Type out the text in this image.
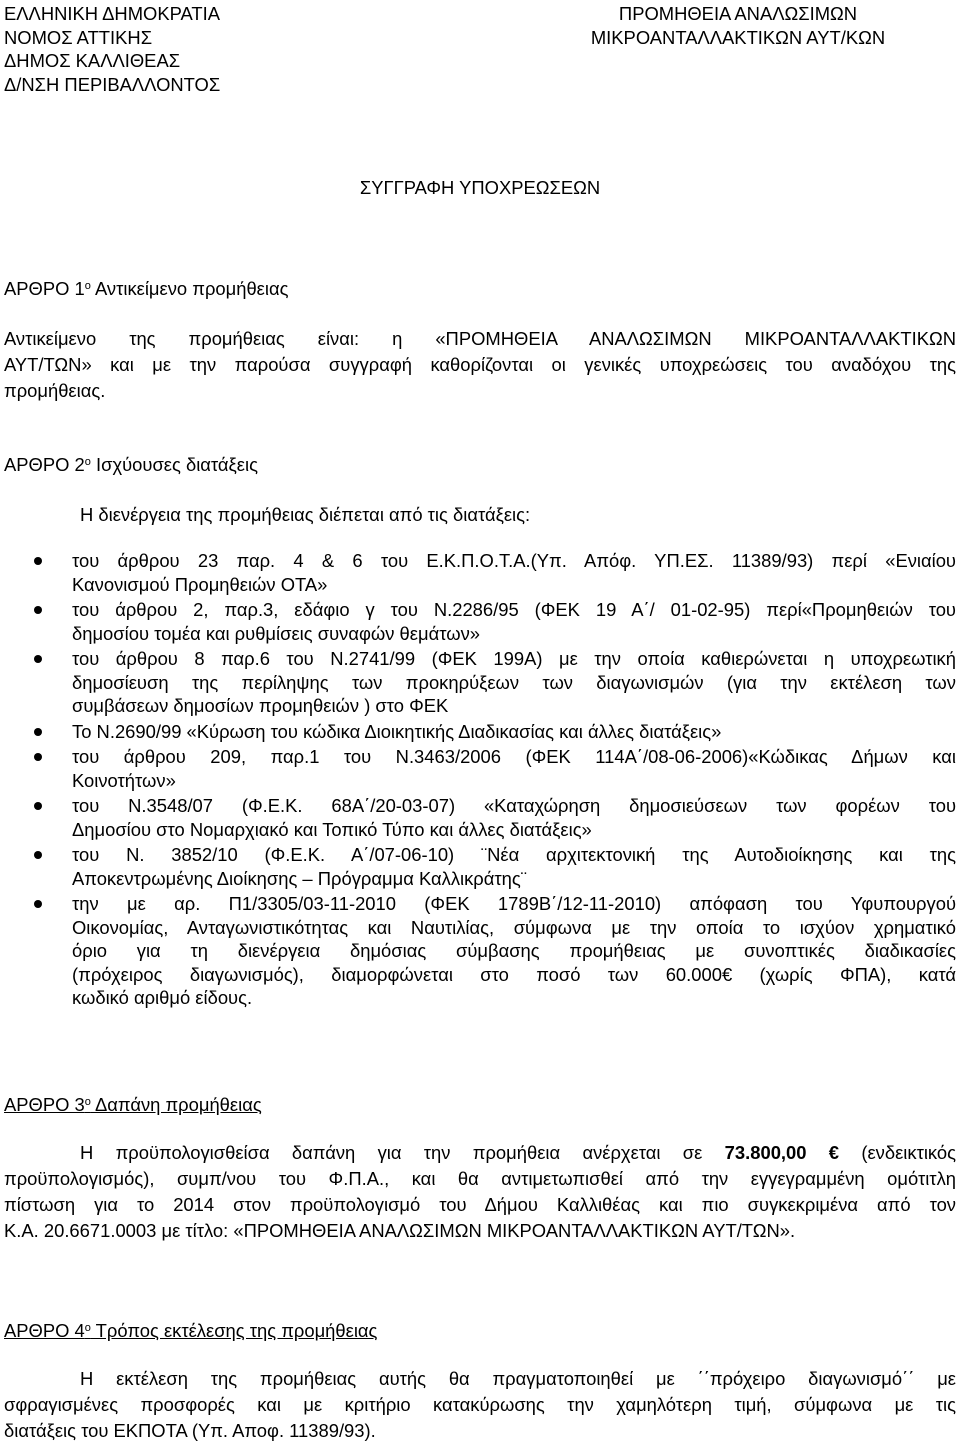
ΕΛΛΗΝΙΚΗ ΔΗΜΟΚΡΑΤΙΑ
ΝΟΜΟΣ ΑΤΤΙΚΗΣ
ΔΗΜΟΣ ΚΑΛΛΙΘΕΑΣ
Δ/ΝΣΗ ΠΕΡΙΒΑΛΛΟΝΤΟΣ
ΠΡΟΜΗΘΕΙΑ ΑΝΑΛΩΣΙΜΩΝ
ΜΙΚΡΟΑΝΤΑΛΛΑΚΤΙΚΩΝ ΑΥΤ/ΚΩΝ
ΣΥΓΓΡΑΦΗ ΥΠΟΧΡΕΩΣΕΩΝ
ΑΡΘΡΟ $1^o$ Αντικείμενο προμήθειας
Αντικείμενο της προμήθειας είναι: η «ΠΡΟΜΗΘΕΙΑ ΑΝΑΛΩΣΙΜΩΝ ΜΙΚΡΟΑΝΤΑΛΛΑΚΤΙΚΩΝ
ΑΥΤ/ΤΩΝ» και με την παρούσα συγγραφή καθορίζονται οι γενικές υποχρεώσεις του αναδόχου της
προμήθειας.
ΑΡΘΡΟ $2^o$ Ισχύουσες διατάξεις
Η διενέργεια της προμήθειας διέπεται από τις διατάξεις:
του άρθρου 23 παρ. 4 & 6 του Ε.Κ.Π.Ο.Τ.Α.(Υπ. Απόφ. ΥΠ.ΕΣ. 11389/93) περί «Ενιαίου
Κανονισμού Προμηθειών ΟΤΑ»
του άρθρου 2, παρ.3, εδάφιο γ του Ν.2286/95 (ΦΕΚ 19 Α΄/ 01-02-95) περί«Προμηθειών του
δημοσίου τομέα και ρυθμίσεις συναφών θεμάτων»
του άρθρου 8 παρ.6 του Ν.2741/99 (ΦΕΚ 199Α) με την οποία καθιερώνεται η υποχρεωτική
δημοσίευση της περίληψης των προκηρύξεων των διαγωνισμών (για την εκτέλεση των
συμβάσεων δημοσίων προμηθειών ) στο ΦΕΚ
Το Ν.2690/99 «Κύρωση του κώδικα Διοικητικής Διαδικασίας και άλλες διατάξεις»
του άρθρου 209, παρ.1 του Ν.3463/2006 (ΦΕΚ 114Α΄/08-06-2006)«Κώδικας Δήμων και
Κοινοτήτων»
του Ν.3548/07 (Φ.Ε.Κ. 68Α΄/20-03-07) «Καταχώρηση δημοσιεύσεων των φορέων του
Δημοσίου στο Νομαρχιακό και Τοπικό Τύπο και άλλες διατάξεις»
του Ν. 3852/10 (Φ.Ε.Κ. Α΄/07-06-10) ¨Νέα αρχιτεκτονική της Αυτοδιοίκησης και της
Αποκεντρωμένης Διοίκησης – Πρόγραμμα Καλλικράτης¨
την με αρ. Π1/3305/03-11-2010 (ΦΕΚ 1789Β΄/12-11-2010) απόφαση του Υφυπουργού
Οικονομίας, Ανταγωνιστικότητας και Ναυτιλίας, σύμφωνα με την οποία το ισχύον χρηματικό
όριο για τη διενέργεια δημόσιας σύμβασης προμήθειας με συνοπτικές διαδικασίες
(πρόχειρος διαγωνισμός), διαμορφώνεται στο ποσό των 60.000€ (χωρίς ΦΠΑ), κατά
κωδικό αριθμό είδους.
ΑΡΘΡΟ $3^o$ Δαπάνη προμήθειας
Η προϋπολογισθείσα δαπάνη για την προμήθεια ανέρχεται σε 73.800,00 € (ενδεικτικός
προϋπολογισμός), συμπ/νου του Φ.Π.Α., και θα αντιμετωπισθεί από την εγγεγραμμένη ομότιτλη
πίστωση για το 2014 στον προϋπολογισμό του Δήμου Καλλιθέας και πιο συγκεκριμένα από τον
Κ.Α. 20.6671.0003 με τίτλο: «ΠΡΟΜΗΘΕΙΑ ΑΝΑΛΩΣΙΜΩΝ ΜΙΚΡΟΑΝΤΑΛΛΑΚΤΙΚΩΝ ΑΥΤ/ΤΩΝ».
ΑΡΘΡΟ $4^o$ Τρόπος εκτέλεσης της προμήθειας
Η εκτέλεση της προμήθειας αυτής θα πραγματοποιηθεί με ΄΄πρόχειρο διαγωνισμό΄΄ με
σφραγισμένες προσφορές και με κριτήριο κατακύρωσης την χαμηλότερη τιμή, σύμφωνα με τις
διατάξεις του ΕΚΠΟΤΑ (Υπ. Αποφ. 11389/93).
